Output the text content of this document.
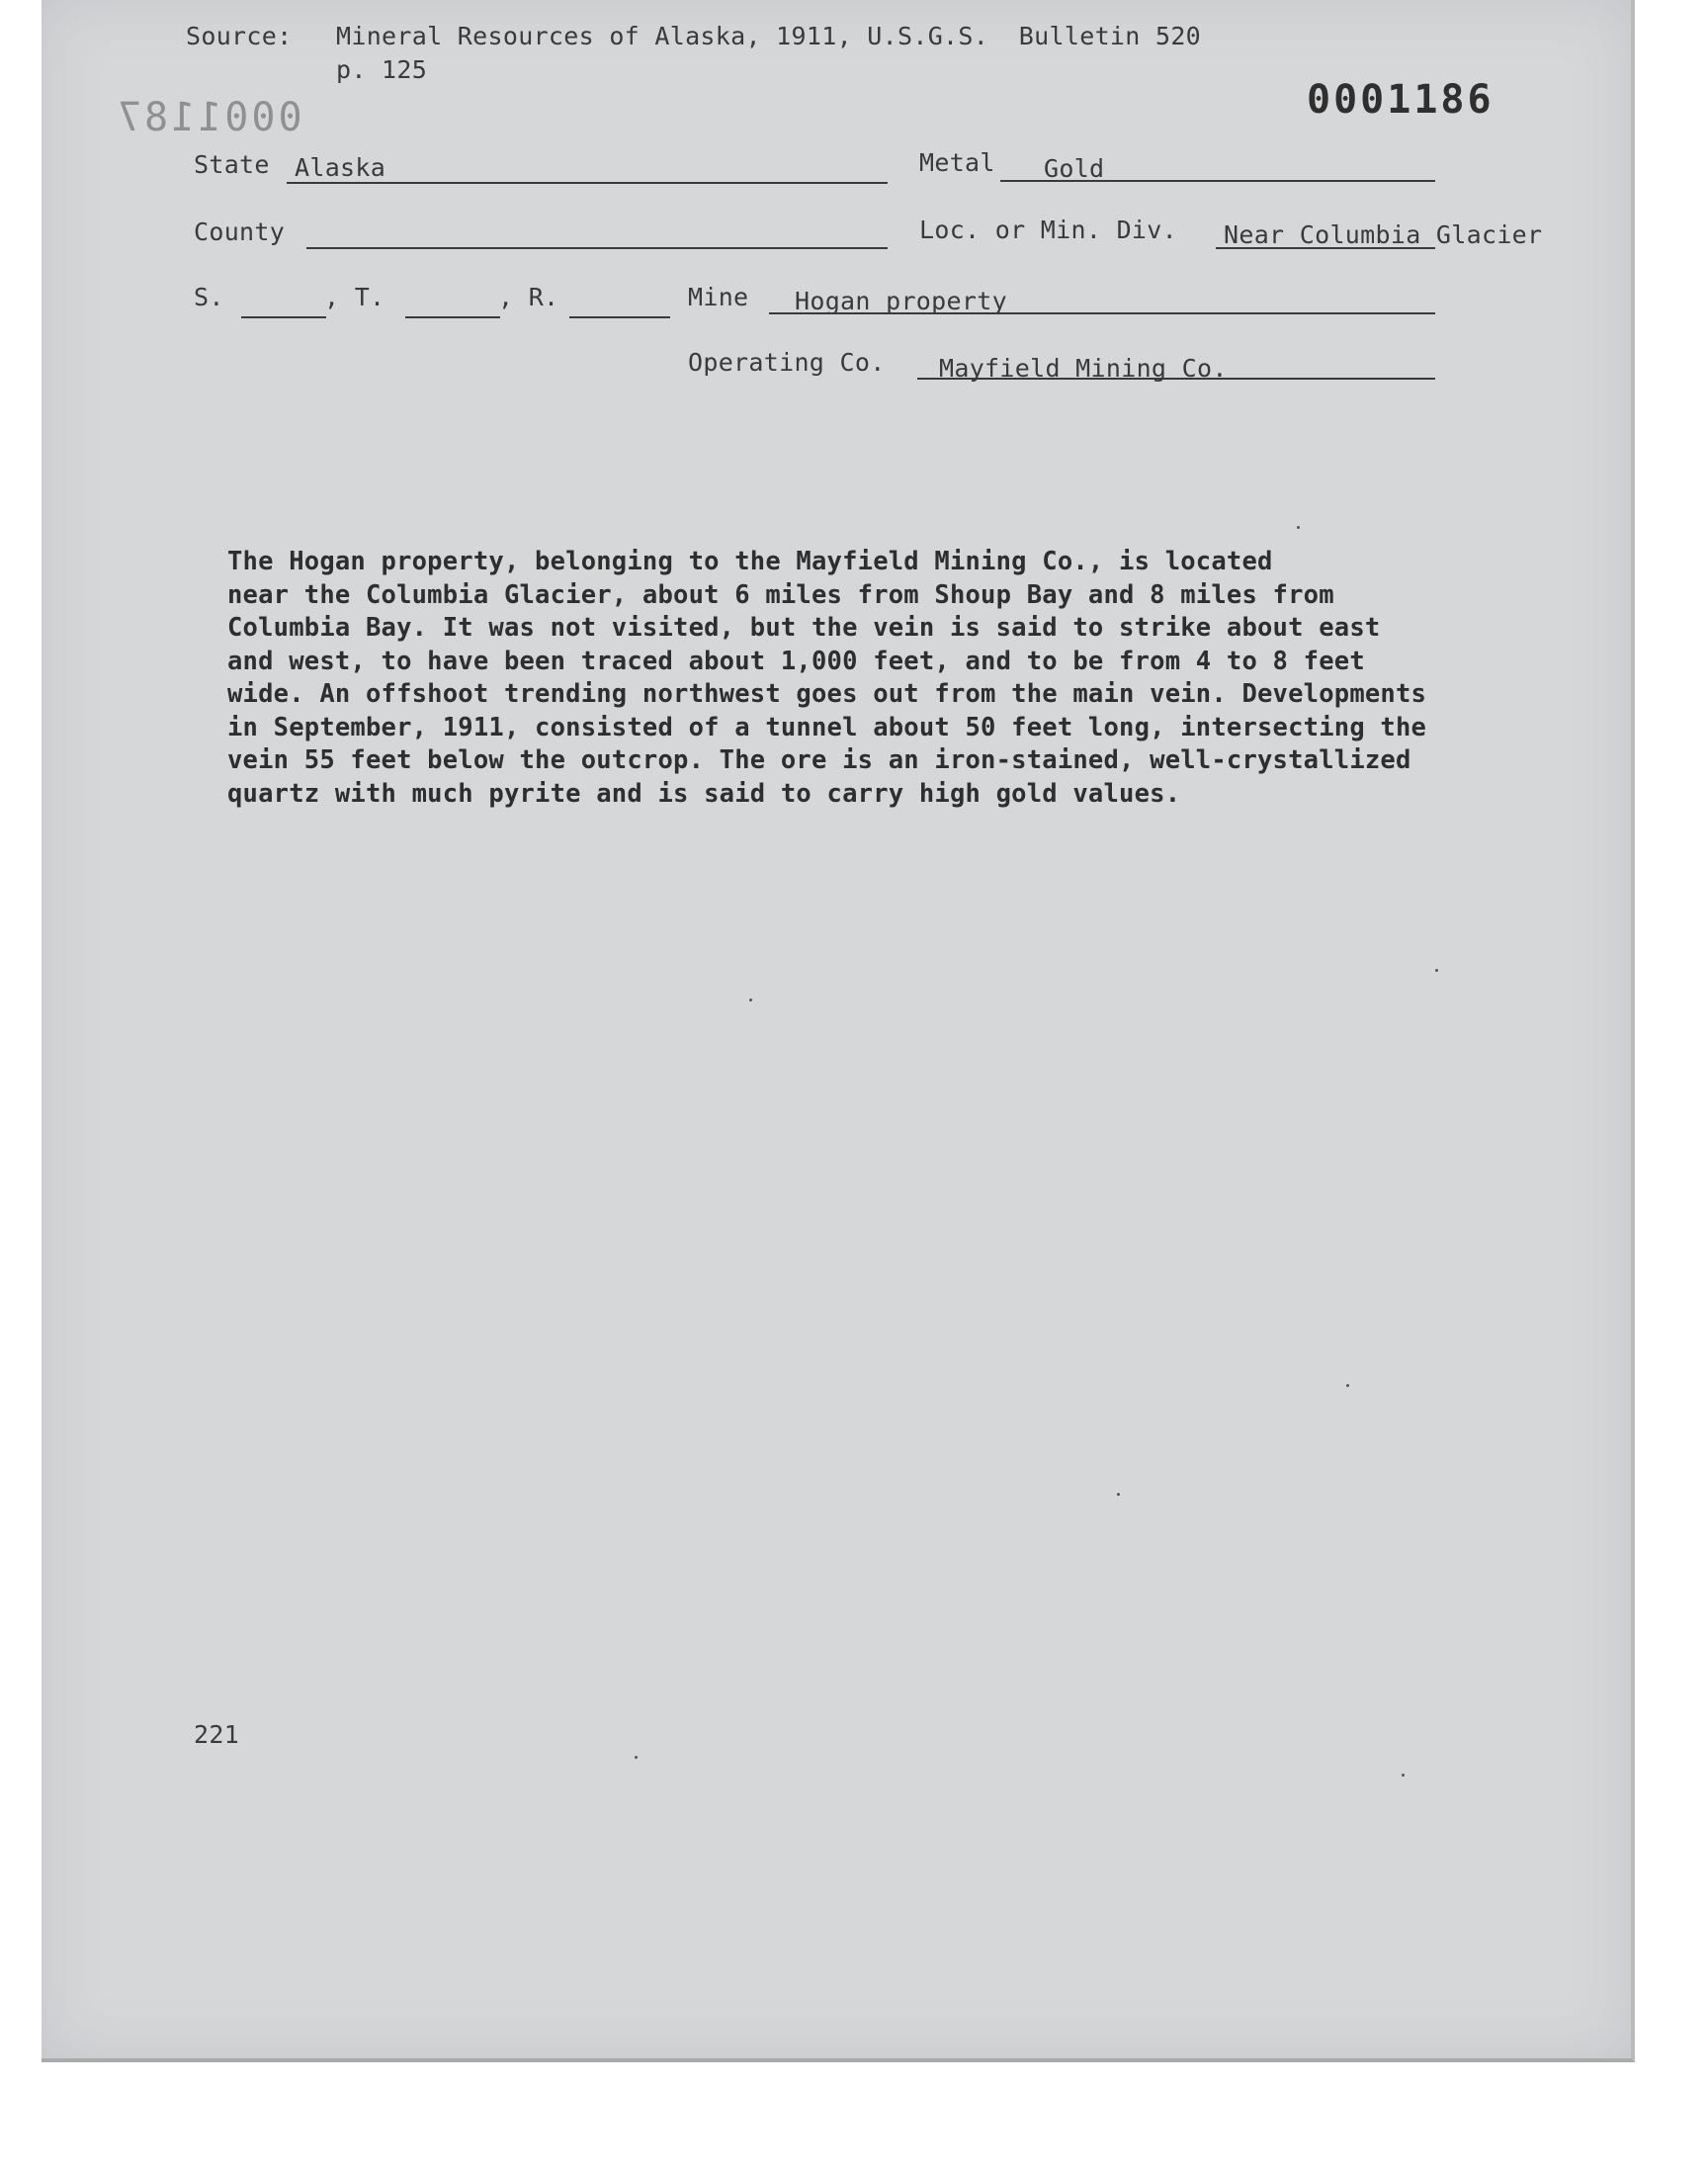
Source: Mineral Resources of Alaska, 1911, U.S.G.S.  Bulletin 520
p. 125
0001186
0001187
State Alaska	Metal Gold
County	Loc. or Min. Div. Near Columbia Glacier
S.	, T.	, R.	Mine Hogan property
Operating Co. Mayfield Mining Co.
The Hogan property, belonging to the Mayfield Mining Co., is located
near the Columbia Glacier, about 6 miles from Shoup Bay and 8 miles from
Columbia Bay. It was not visited, but the vein is said to strike about east
and west, to have been traced about 1,000 feet, and to be from 4 to 8 feet
wide. An offshoot trending northwest goes out from the main vein. Developments
in September, 1911, consisted of a tunnel about 50 feet long, intersecting the
vein 55 feet below the outcrop. The ore is an iron-stained, well-crystallized
quartz with much pyrite and is said to carry high gold values.
221
